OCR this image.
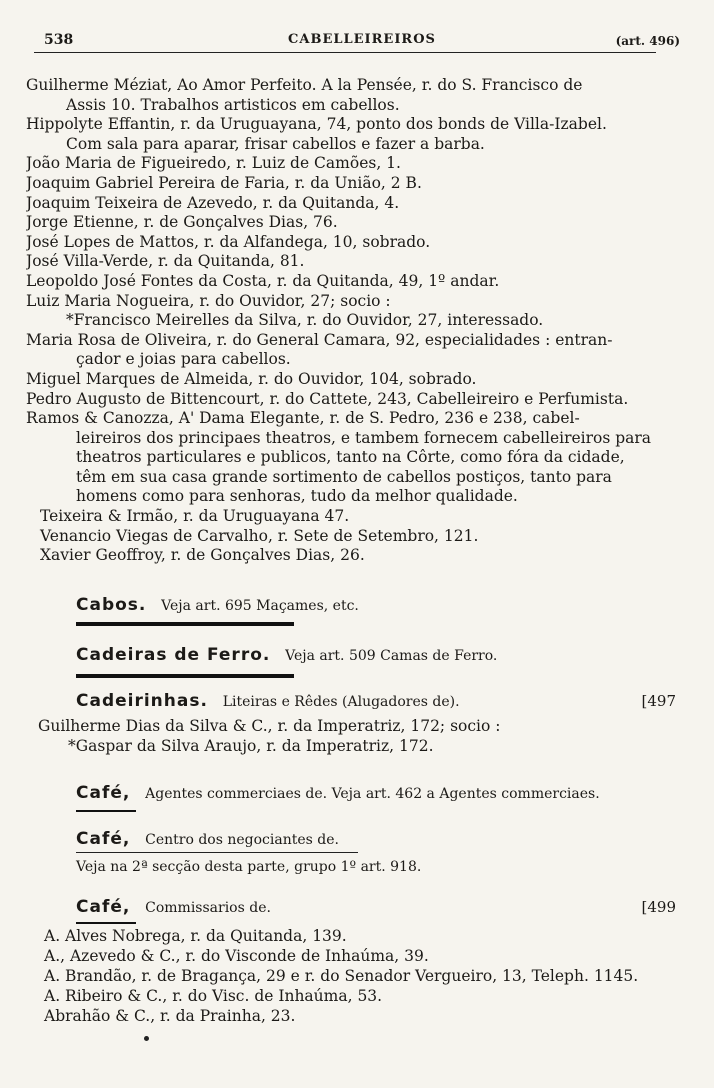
538	CABELLEIREIROS	(art. 496)
Guilherme Méziat, Ao Amor Perfeito. A la Pensée, r. do S. Francisco de
Assis 10. Trabalhos artisticos em cabellos.
Hippolyte Effantin, r. da Uruguayana, 74, ponto dos bonds de Villa-Izabel.
Com sala para aparar, frisar cabellos e fazer a barba.
João Maria de Figueiredo, r. Luiz de Camões, 1.
Joaquim Gabriel Pereira de Faria, r. da União, 2 B.
Joaquim Teixeira de Azevedo, r. da Quitanda, 4.
Jorge Etienne, r. de Gonçalves Dias, 76.
José Lopes de Mattos, r. da Alfandega, 10, sobrado.
José Villa-Verde, r. da Quitanda, 81.
Leopoldo José Fontes da Costa, r. da Quitanda, 49, 1º andar.
Luiz Maria Nogueira, r. do Ouvidor, 27; socio :
*Francisco Meirelles da Silva, r. do Ouvidor, 27, interessado.
Maria Rosa de Oliveira, r. do General Camara, 92, especialidades : entran-
çador e joias para cabellos.
Miguel Marques de Almeida, r. do Ouvidor, 104, sobrado.
Pedro Augusto de Bittencourt, r. do Cattete, 243, Cabelleireiro e Perfumista.
Ramos & Canozza, A' Dama Elegante, r. de S. Pedro, 236 e 238, cabel-
leireiros dos principaes theatros, e tambem fornecem cabelleireiros para
theatros particulares e publicos, tanto na Côrte, como fóra da cidade,
têm em sua casa grande sortimento de cabellos postiços, tanto para
homens como para senhoras, tudo da melhor qualidade.
Teixeira & Irmão, r. da Uruguayana 47.
Venancio Viegas de Carvalho, r. Sete de Setembro, 121.
Xavier Geoffroy, r. de Gonçalves Dias, 26.
Cabos. Veja art. 695 Maçames, etc.
Cadeiras de Ferro. Veja art. 509 Camas de Ferro.
Cadeirinhas. Liteiras e Rêdes (Alugadores de).	[497
Guilherme Dias da Silva & C., r. da Imperatriz, 172; socio :
*Gaspar da Silva Araujo, r. da Imperatriz, 172.
Café, Agentes commerciaes de. Veja art. 462 a Agentes commerciaes.
Café, Centro dos negociantes de.
Veja na 2ª secção desta parte, grupo 1º art. 918.
Café, Commissarios de.	[499
A. Alves Nobrega, r. da Quitanda, 139.
A., Azevedo & C., r. do Visconde de Inhaúma, 39.
A. Brandão, r. de Bragança, 29 e r. do Senador Vergueiro, 13, Teleph. 1145.
A. Ribeiro & C., r. do Visc. de Inhaúma, 53.
Abrahão & C., r. da Prainha, 23.
